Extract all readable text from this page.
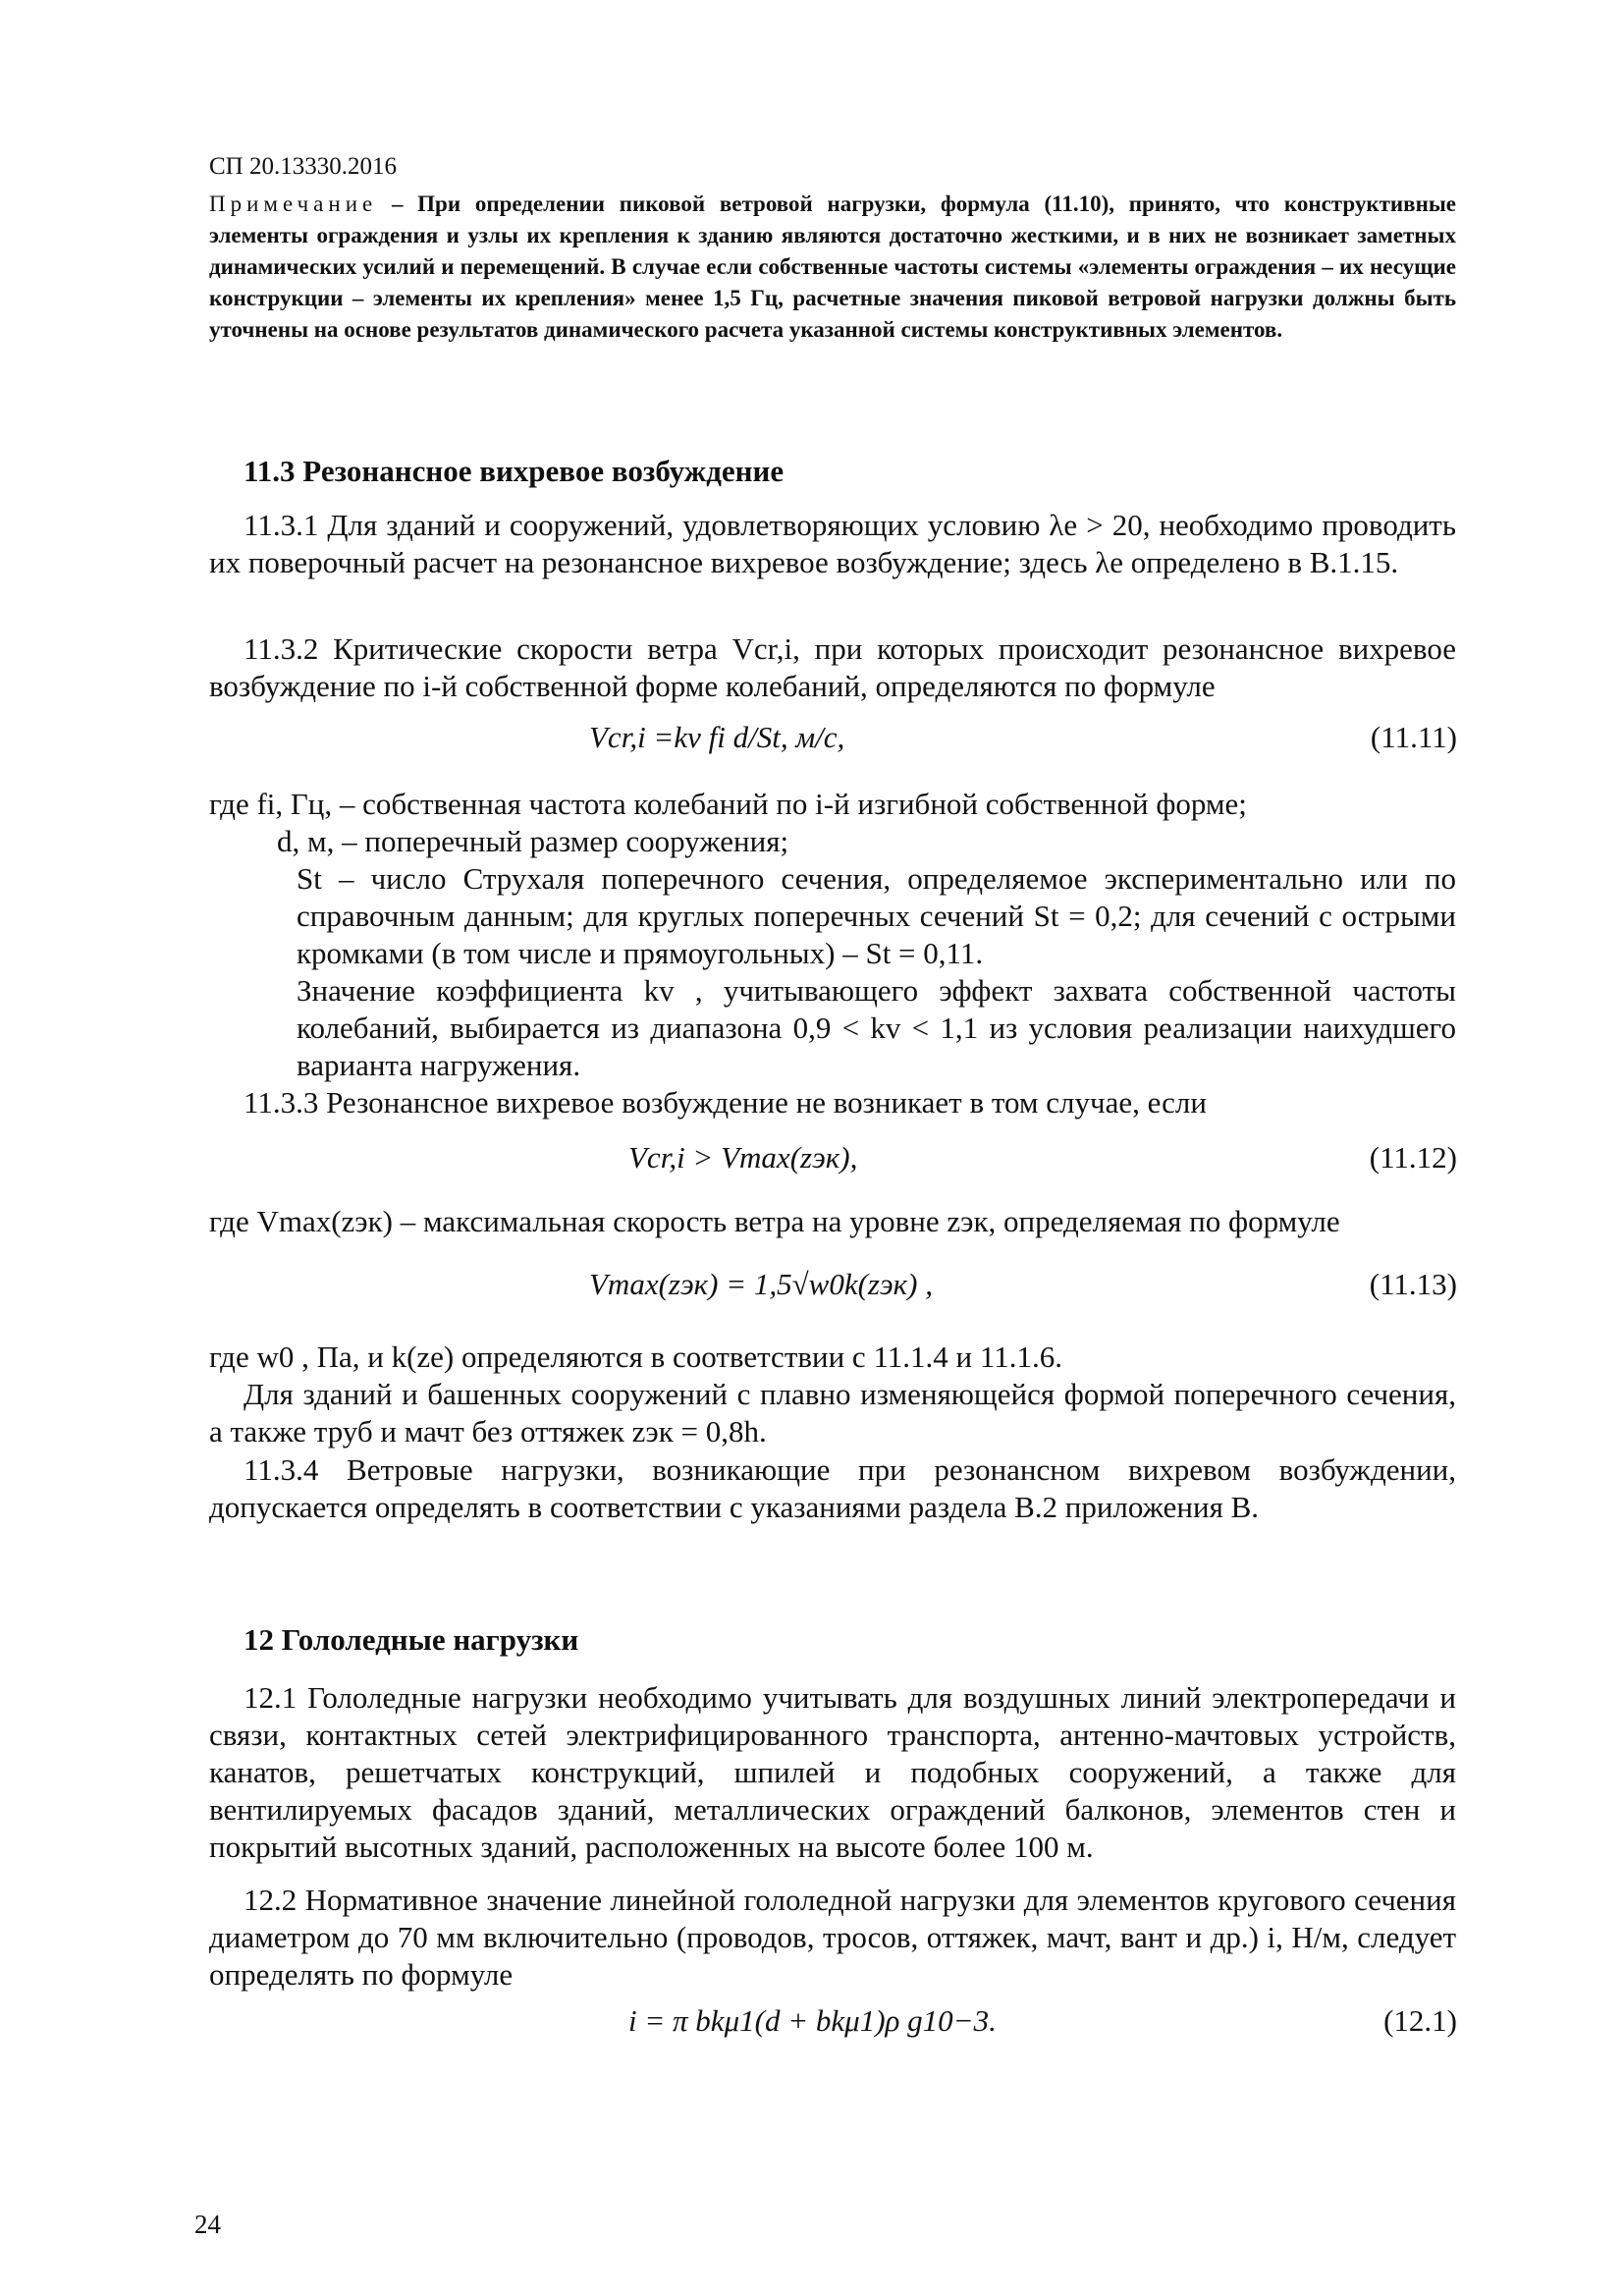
СП 20.13330.2016
Примечание – При определении пиковой ветровой нагрузки, формула (11.10), принято, что конструктивные элементы ограждения и узлы их крепления к зданию являются достаточно жесткими, и в них не возникает заметных динамических усилий и перемещений. В случае если собственные частоты системы «элементы ограждения – их несущие конструкции – элементы их крепления» менее 1,5 Гц, расчетные значения пиковой ветровой нагрузки должны быть уточнены на основе результатов динамического расчета указанной системы конструктивных элементов.
11.3 Резонансное вихревое возбуждение
11.3.1 Для зданий и сооружений, удовлетворяющих условию λe > 20, необходимо проводить их поверочный расчет на резонансное вихревое возбуждение; здесь λe определено в В.1.15.
11.3.2 Критические скорости ветра Vcr,i, при которых происходит резонансное вихревое возбуждение по i-й собственной форме колебаний, определяются по формуле
Vcr,i =kv fi d/St, м/с,	(11.11)
где fi, Гц, – собственная частота колебаний по i-й изгибной собственной форме;
d, м, – поперечный размер сооружения;
St – число Струхаля поперечного сечения, определяемое экспериментально или по справочным данным; для круглых поперечных сечений St = 0,2; для сечений с острыми кромками (в том числе и прямоугольных) – St = 0,11.
Значение коэффициента kv , учитывающего эффект захвата собственной частоты колебаний, выбирается из диапазона 0,9 < kv < 1,1 из условия реализации наихудшего варианта нагружения.
11.3.3 Резонансное вихревое возбуждение не возникает в том случае, если
Vcr,i > Vmax(zэк),	(11.12)
где Vmax(zэк) – максимальная скорость ветра на уровне zэк, определяемая по формуле
Vmax(zэк) = 1,5√w0k(zэк) ,	(11.13)
где w0 , Па, и k(ze) определяются в соответствии с 11.1.4 и 11.1.6.
Для зданий и башенных сооружений с плавно изменяющейся формой поперечного сечения, а также труб и мачт без оттяжек zэк = 0,8h.
11.3.4 Ветровые нагрузки, возникающие при резонансном вихревом возбуждении, допускается определять в соответствии с указаниями раздела В.2 приложения В.
12 Гололедные нагрузки
12.1 Гололедные нагрузки необходимо учитывать для воздушных линий электропередачи и связи, контактных сетей электрифицированного транспорта, антенно-мачтовых устройств, канатов, решетчатых конструкций, шпилей и подобных сооружений, а также для вентилируемых фасадов зданий, металлических ограждений балконов, элементов стен и покрытий высотных зданий, расположенных на высоте более 100 м.
12.2 Нормативное значение линейной гололедной нагрузки для элементов кругового сечения диаметром до 70 мм включительно (проводов, тросов, оттяжек, мачт, вант и др.) i, Н/м, следует определять по формуле
i = π bkμ1(d + bkμ1)ρ g10−3.	(12.1)
24
